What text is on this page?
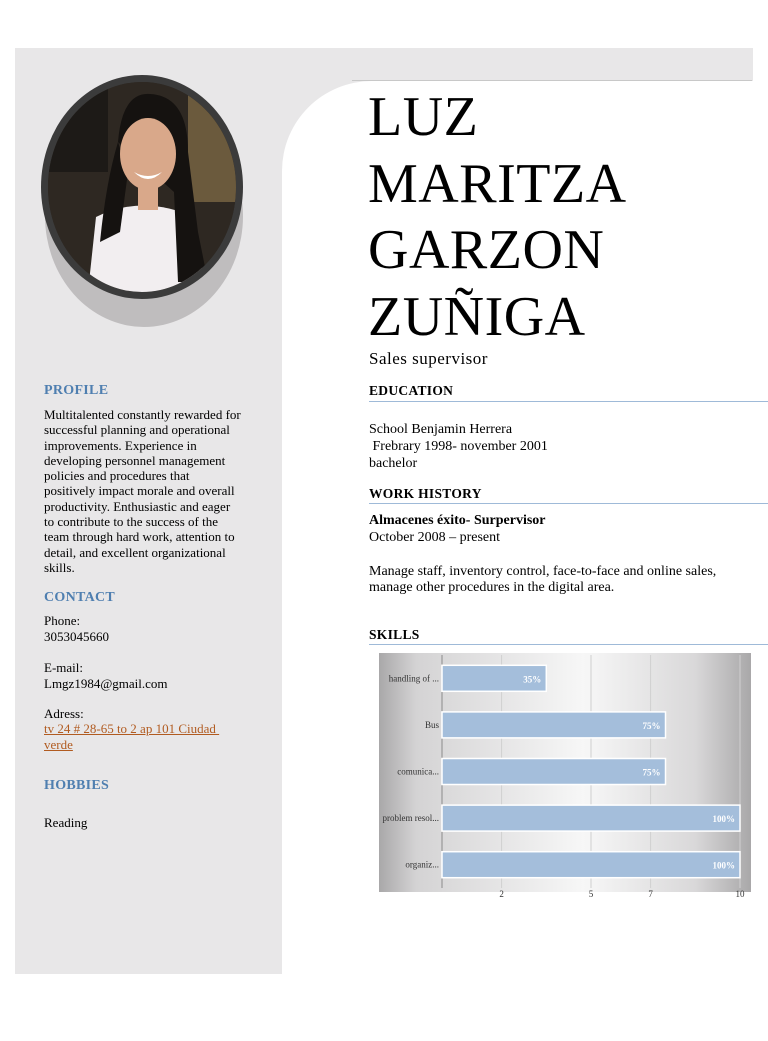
PROFILE
Multitalented constantly rewarded for
successful planning and operational
improvements. Experience in
developing personnel management
policies and procedures that
positively impact morale and overall
productivity. Enthusiastic and eager
to contribute to the success of the
team through hard work, attention to
detail, and excellent organizational
skills.
CONTACT
Phone:
3053045660
E-mail:
Lmgz1984@gmail.com
Adress:
tv 24 # 28-65 to 2 ap 101 Ciudad
verde
HOBBIES
Reading
LUZ
MARITZA
GARZON
ZUÑIGA
Sales supervisor
EDUCATION
School Benjamin Herrera
Frebrary 1998- november 2001
bachelor
WORK HISTORY
Almacenes éxito- Surpervisor
October 2008 – present
Manage staff, inventory control, face-to-face and online sales,
manage other procedures in the digital area.
SKILLS
35%
handling of ...
75%
Bus
75%
comunica...
100%
problem resol...
100%
organiz...
2	5	7	10
